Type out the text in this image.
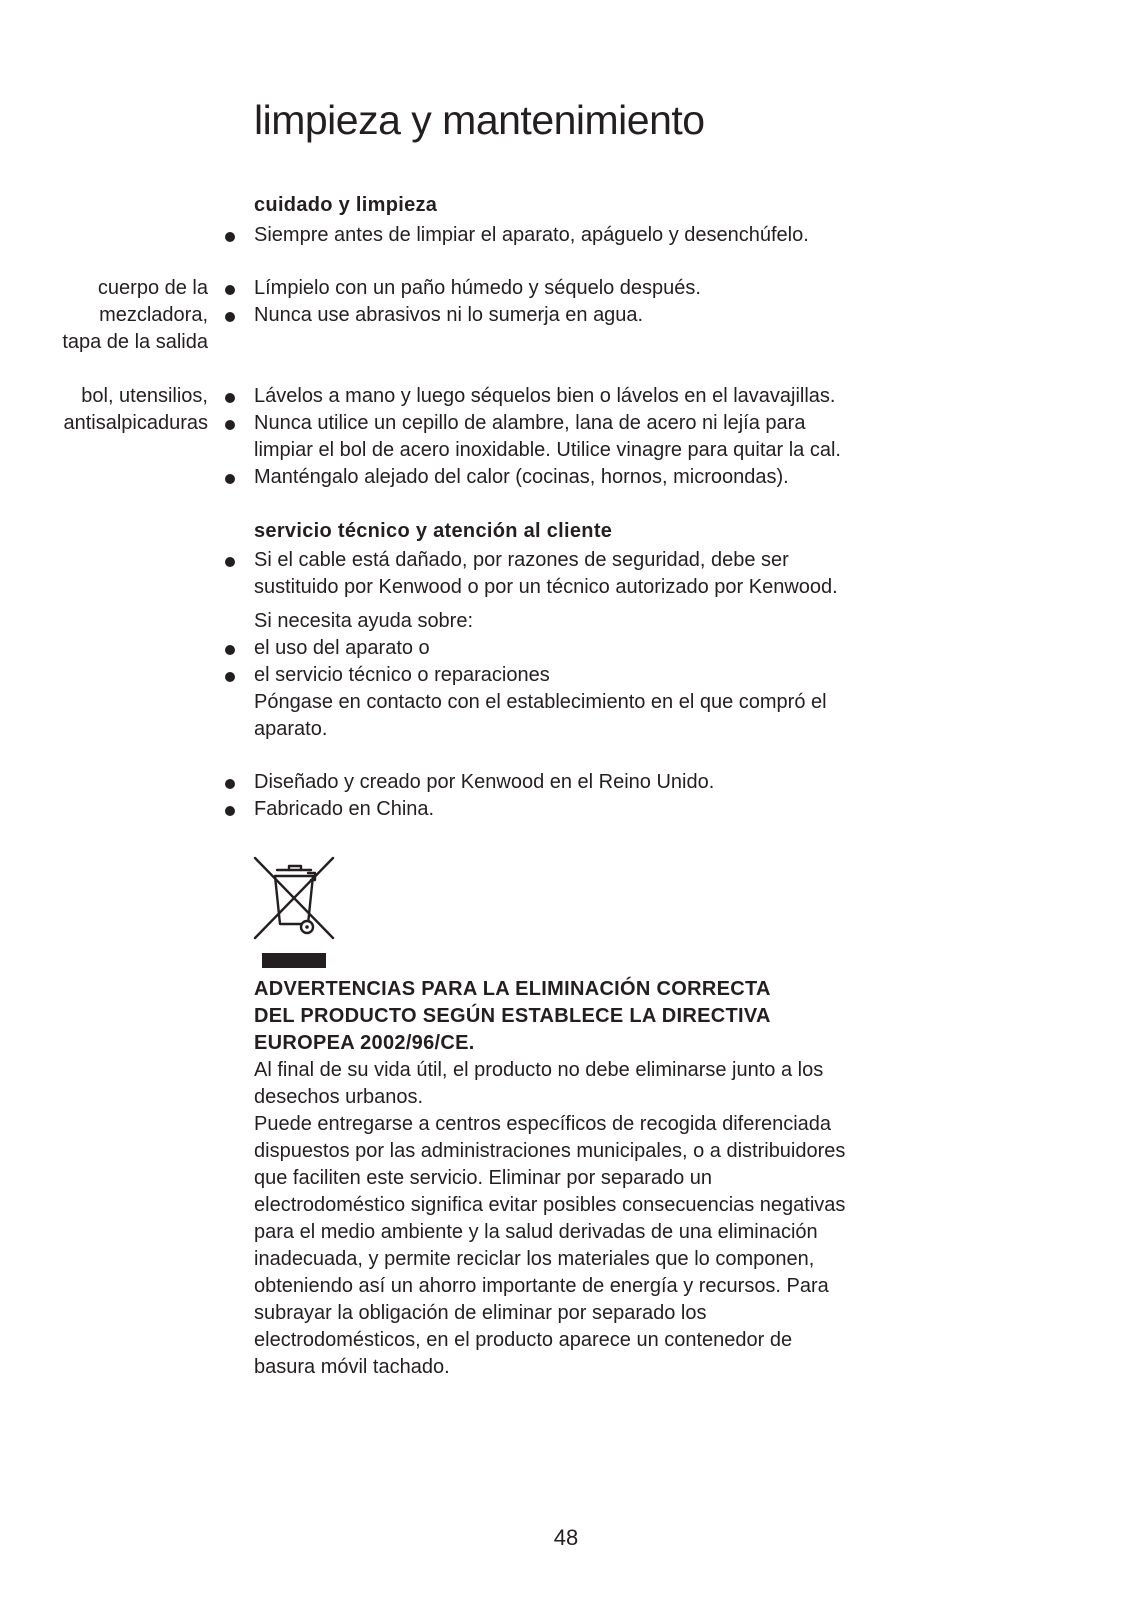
limpieza y mantenimiento
cuidado y limpieza
Siempre antes de limpiar el aparato, apáguelo y desenchúfelo.
cuerpo de la
mezcladora,
tapa de la salida
Límpielo con un paño húmedo y séquelo después.
Nunca use abrasivos ni lo sumerja en agua.
bol, utensilios,
antisalpicaduras
Lávelos a mano y luego séquelos bien o lávelos en el lavavajillas.
Nunca utilice un cepillo de alambre, lana de acero ni lejía para
limpiar el bol de acero inoxidable. Utilice vinagre para quitar la cal.
Manténgalo alejado del calor (cocinas, hornos, microondas).
servicio técnico y atención al cliente
Si el cable está dañado, por razones de seguridad, debe ser
sustituido por Kenwood o por un técnico autorizado por Kenwood.
Si necesita ayuda sobre:
el uso del aparato o
el servicio técnico o reparaciones
Póngase en contacto con el establecimiento en el que compró el
aparato.
Diseñado y creado por Kenwood en el Reino Unido.
Fabricado en China.
ADVERTENCIAS PARA LA ELIMINACIÓN CORRECTA
DEL PRODUCTO SEGÚN ESTABLECE LA DIRECTIVA
EUROPEA 2002/96/CE.
Al final de su vida útil, el producto no debe eliminarse junto a los
desechos urbanos.
Puede entregarse a centros específicos de recogida diferenciada
dispuestos por las administraciones municipales, o a distribuidores
que faciliten este servicio. Eliminar por separado un
electrodoméstico significa evitar posibles consecuencias negativas
para el medio ambiente y la salud derivadas de una eliminación
inadecuada, y permite reciclar los materiales que lo componen,
obteniendo así un ahorro importante de energía y recursos. Para
subrayar la obligación de eliminar por separado los
electrodomésticos, en el producto aparece un contenedor de
basura móvil tachado.
48
